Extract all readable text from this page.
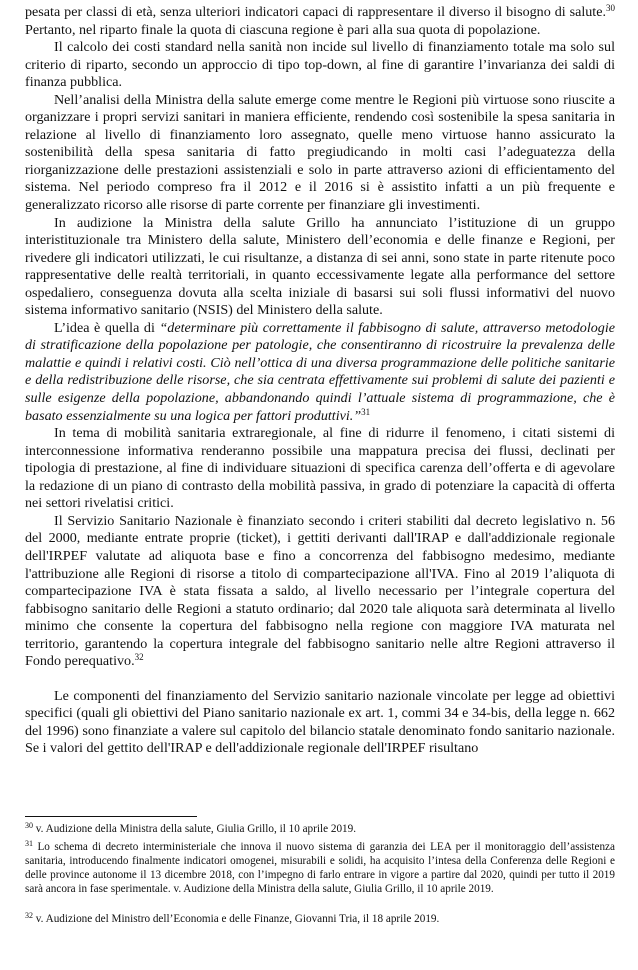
pesata per classi di età, senza ulteriori indicatori capaci di rappresentare il diverso il bisogno di salute.$^{30}$ Pertanto, nel riparto finale la quota di ciascuna regione è pari alla sua quota di popolazione.

Il calcolo dei costi standard nella sanità non incide sul livello di finanziamento totale ma solo sul criterio di riparto, secondo un approccio di tipo top-down, al fine di garantire l’invarianza dei saldi di finanza pubblica.

Nell’analisi della Ministra della salute emerge come mentre le Regioni più virtuose sono riuscite a organizzare i propri servizi sanitari in maniera efficiente, rendendo così sostenibile la spesa sanitaria in relazione al livello di finanziamento loro assegnato, quelle meno virtuose hanno assicurato la sostenibilità della spesa sanitaria di fatto pregiudicando in molti casi l’adeguatezza della riorganizzazione delle prestazioni assistenziali e solo in parte attraverso azioni di efficientamento del sistema. Nel periodo compreso fra il 2012 e il 2016 si è assistito infatti a un più frequente e generalizzato ricorso alle risorse di parte corrente per finanziare gli investimenti.

In audizione la Ministra della salute Grillo ha annunciato l’istituzione di un gruppo interistituzionale tra Ministero della salute, Ministero dell’economia e delle finanze e Regioni, per rivedere gli indicatori utilizzati, le cui risultanze, a distanza di sei anni, sono state in parte ritenute poco rappresentative delle realtà territoriali, in quanto eccessivamente legate alla performance del settore ospedaliero, conseguenza dovuta alla scelta iniziale di basarsi sui soli flussi informativi del nuovo sistema informativo sanitario (NSIS) del Ministero della salute.

L’idea è quella di “determinare più correttamente il fabbisogno di salute, attraverso metodologie di stratificazione della popolazione per patologie, che consentiranno di ricostruire la prevalenza delle malattie e quindi i relativi costi. Ciò nell’ottica di una diversa programmazione delle politiche sanitarie e della redistribuzione delle risorse, che sia centrata effettivamente sui problemi di salute dei pazienti e sulle esigenze della popolazione, abbandonando quindi l’attuale sistema di programmazione, che è basato essenzialmente su una logica per fattori produttivi.”$^{31}$

In tema di mobilità sanitaria extraregionale, al fine di ridurre il fenomeno, i citati sistemi di interconnessione informativa renderanno possibile una mappatura precisa dei flussi, declinati per tipologia di prestazione, al fine di individuare situazioni di specifica carenza dell’offerta e di agevolare la redazione di un piano di contrasto della mobilità passiva, in grado di potenziare la capacità di offerta nei settori rivelatisi critici.

Il Servizio Sanitario Nazionale è finanziato secondo i criteri stabiliti dal decreto legislativo n. 56 del 2000, mediante entrate proprie (ticket), i gettiti derivanti dall'IRAP e dall'addizionale regionale dell'IRPEF valutate ad aliquota base e fino a concorrenza del fabbisogno medesimo, mediante l'attribuzione alle Regioni di risorse a titolo di compartecipazione all'IVA. Fino al 2019 l’aliquota di compartecipazione IVA è stata fissata a saldo, al livello necessario per l’integrale copertura del fabbisogno sanitario delle Regioni a statuto ordinario; dal 2020 tale aliquota sarà determinata al livello minimo che consente la copertura del fabbisogno nella regione con maggiore IVA maturata nel territorio, garantendo la copertura integrale del fabbisogno sanitario nelle altre Regioni attraverso il Fondo perequativo.$^{32}$

Le componenti del finanziamento del Servizio sanitario nazionale vincolate per legge ad obiettivi specifici (quali gli obiettivi del Piano sanitario nazionale ex art. 1, commi 34 e 34-bis, della legge n. 662 del 1996) sono finanziate a valere sul capitolo del bilancio statale denominato fondo sanitario nazionale. Se i valori del gettito dell'IRAP e dell'addizionale regionale dell'IRPEF risultano

$^{30}$ v. Audizione della Ministra della salute, Giulia Grillo, il 10 aprile 2019.

$^{31}$ Lo schema di decreto interministeriale che innova il nuovo sistema di garanzia dei LEA per il monitoraggio dell’assistenza sanitaria, introducendo finalmente indicatori omogenei, misurabili e solidi, ha acquisito l’intesa della Conferenza delle Regioni e delle province autonome il 13 dicembre 2018, con l’impegno di farlo entrare in vigore a partire dal 2020, quindi per tutto il 2019 sarà ancora in fase sperimentale. v. Audizione della Ministra della salute, Giulia Grillo, il 10 aprile 2019.

$^{32}$ v. Audizione del Ministro dell’Economia e delle Finanze, Giovanni Tria, il 18 aprile 2019.
